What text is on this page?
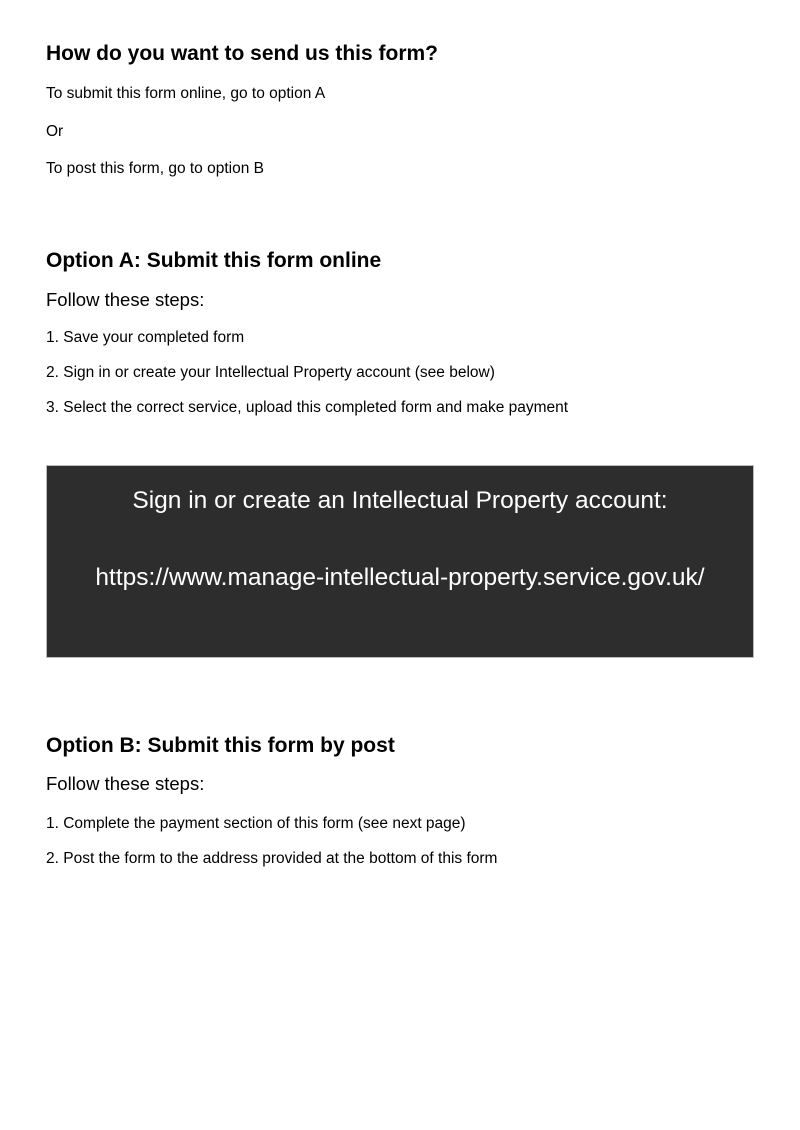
How do you want to send us this form?
To submit this form online, go to option A
Or
To post this form, go to option B
Option A: Submit this form online
Follow these steps:
1. Save your completed form
2. Sign in or create your Intellectual Property account (see below)
3. Select the correct service, upload this completed form and make payment
Sign in or create an Intellectual Property account:
https://www.manage-intellectual-property.service.gov.uk/
Option B: Submit this form by post
Follow these steps:
1. Complete the payment section of this form (see next page)
2. Post the form to the address provided at the bottom of this form
